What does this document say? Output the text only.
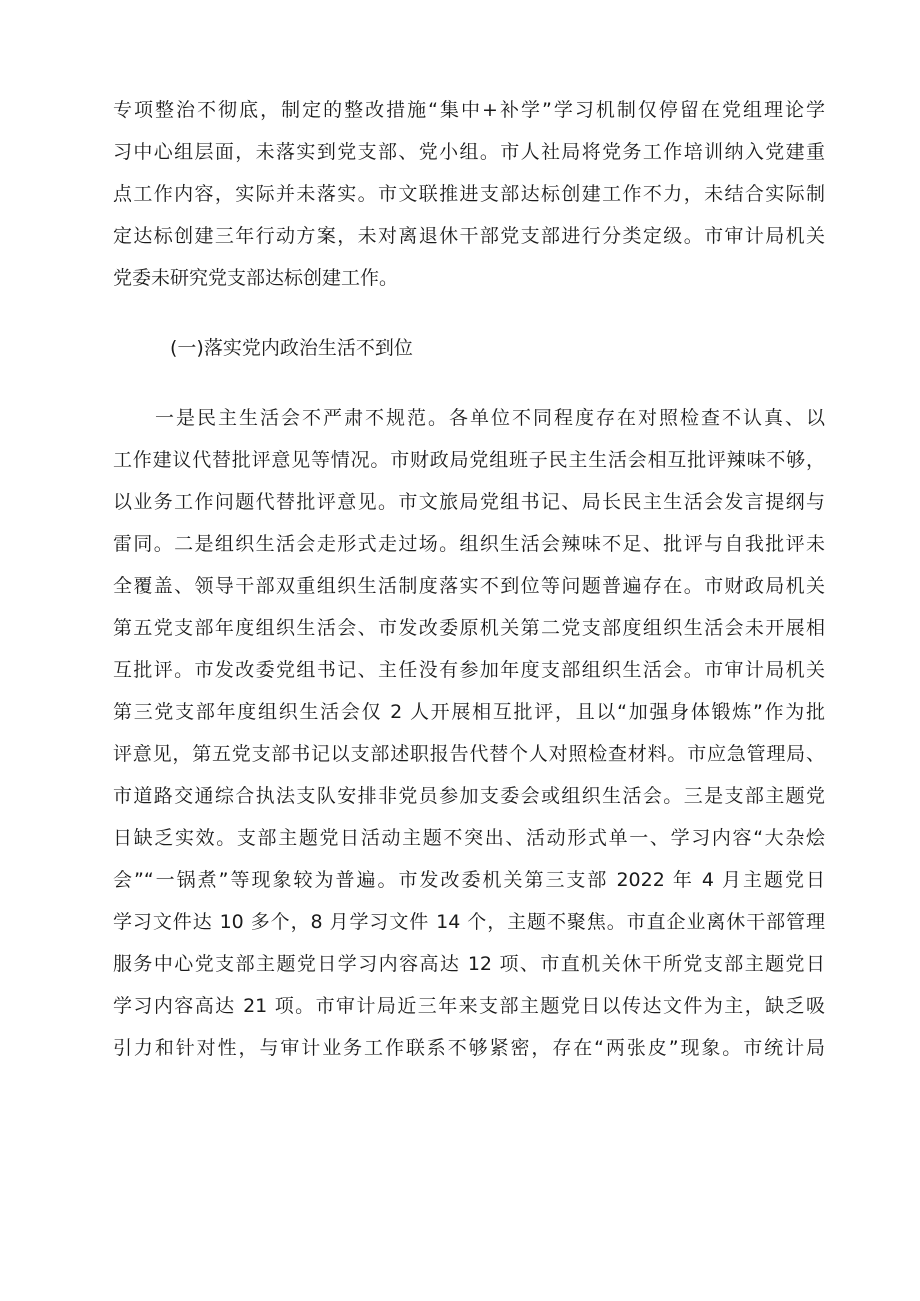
专项整治不彻底，制定的整改措施“集中+补学”学习机制仅停留在党组理论学
习中心组层面，未落实到党支部、党小组。市人社局将党务工作培训纳入党建重
点工作内容，实际并未落实。市文联推进支部达标创建工作不力，未结合实际制
定达标创建三年行动方案，未对离退休干部党支部进行分类定级。市审计局机关
党委未研究党支部达标创建工作。
(一)落实党内政治生活不到位
一是民主生活会不严肃不规范。各单位不同程度存在对照检查不认真、以
工作建议代替批评意见等情况。市财政局党组班子民主生活会相互批评辣味不够，
以业务工作问题代替批评意见。市文旅局党组书记、局长民主生活会发言提纲与
雷同。二是组织生活会走形式走过场。组织生活会辣味不足、批评与自我批评未
全覆盖、领导干部双重组织生活制度落实不到位等问题普遍存在。市财政局机关
第五党支部年度组织生活会、市发改委原机关第二党支部度组织生活会未开展相
互批评。市发改委党组书记、主任没有参加年度支部组织生活会。市审计局机关
第三党支部年度组织生活会仅 2 人开展相互批评，且以“加强身体锻炼”作为批
评意见，第五党支部书记以支部述职报告代替个人对照检查材料。市应急管理局、
市道路交通综合执法支队安排非党员参加支委会或组织生活会。三是支部主题党
日缺乏实效。支部主题党日活动主题不突出、活动形式单一、学习内容“大杂烩
会”“一锅煮”等现象较为普遍。市发改委机关第三支部 2022 年 4 月主题党日
学习文件达 10 多个，8 月学习文件 14 个，主题不聚焦。市直企业离休干部管理
服务中心党支部主题党日学习内容高达 12 项、市直机关休干所党支部主题党日
学习内容高达 21 项。市审计局近三年来支部主题党日以传达文件为主，缺乏吸
引力和针对性，与审计业务工作联系不够紧密，存在“两张皮”现象。市统计局
